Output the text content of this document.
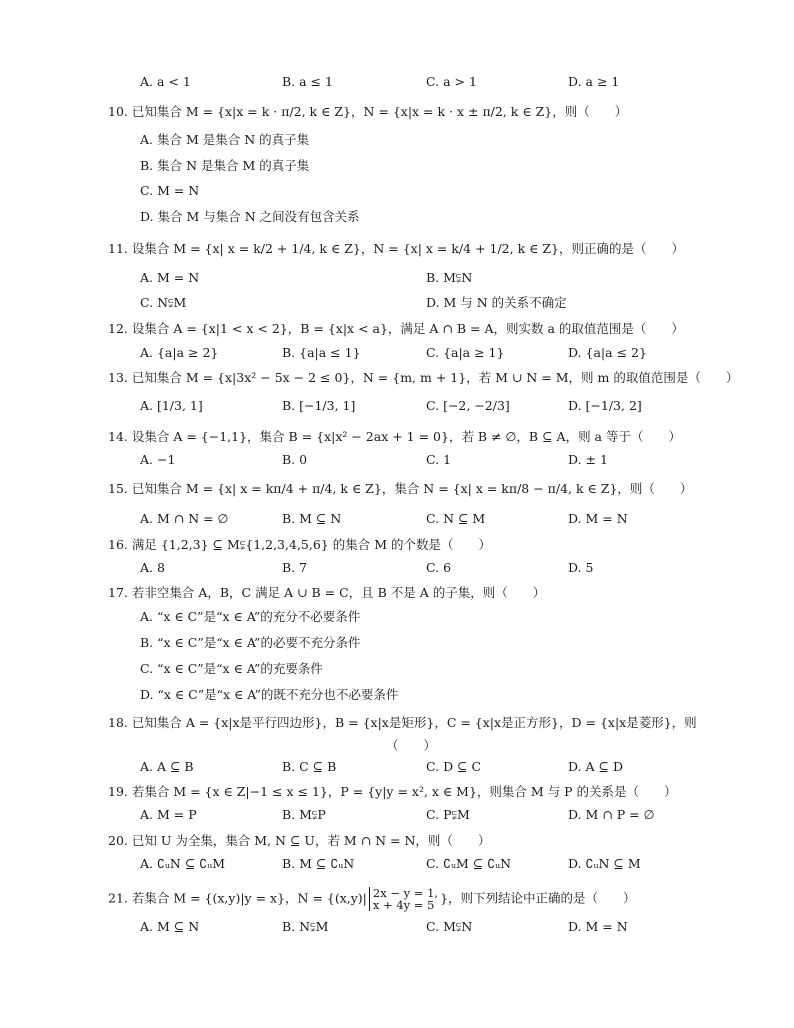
A. a < 1	B. a ≤ 1	C. a > 1	D. a ≥ 1
10. 已知集合 M = {x|x = k · π/2, k ∈ Z}，N = {x|x = k · x ± π/2, k ∈ Z}，则（　　）
A. 集合 M 是集合 N 的真子集
B. 集合 N 是集合 M 的真子集
C. M = N
D. 集合 M 与集合 N 之间没有包含关系
11. 设集合 M = {x| x = k/2 + 1/4, k ∈ Z}，N = {x| x = k/4 + 1/2, k ∈ Z}，则正确的是（　　）
A. M = N	B. M⫋N
C. N⫋M	D. M 与 N 的关系不确定
12. 设集合 A = {x|1 < x < 2}，B = {x|x < a}，满足 A ∩ B = A，则实数 a 的取值范围是（　　）
A. {a|a ≥ 2}	B. {a|a ≤ 1}	C. {a|a ≥ 1}	D. {a|a ≤ 2}
13. 已知集合 M = {x|3x² − 5x − 2 ≤ 0}，N = {m, m + 1}，若 M ∪ N = M，则 m 的取值范围是（　　）
A. [1/3, 1]	B. [−1/3, 1]	C. [−2, −2/3]	D. [−1/3, 2]
14. 设集合 A = {−1,1}，集合 B = {x|x² − 2ax + 1 = 0}，若 B ≠ ∅，B ⊆ A，则 a 等于（　　）
A. −1	B. 0	C. 1	D. ± 1
15. 已知集合 M = {x| x = kπ/4 + π/4, k ∈ Z}，集合 N = {x| x = kπ/8 − π/4, k ∈ Z}，则（　　）
A. M ∩ N = ∅	B. M ⊆ N	C. N ⊆ M	D. M = N
16. 满足 {1,2,3} ⊆ M⫋{1,2,3,4,5,6} 的集合 M 的个数是（　　）
A. 8	B. 7	C. 6	D. 5
17. 若非空集合 A，B，C 满足 A ∪ B = C，且 B 不是 A 的子集，则（　　）
A. “x ∈ C”是“x ∈ A”的充分不必要条件
B. “x ∈ C”是“x ∈ A”的必要不充分条件
C. “x ∈ C”是“x ∈ A”的充要条件
D. “x ∈ C”是“x ∈ A”的既不充分也不必要条件
18. 已知集合 A = {x|x是平行四边形}，B = {x|x是矩形}，C = {x|x是正方形}，D = {x|x是菱形}，则
（　　）
A. A ⊆ B	B. C ⊆ B	C. D ⊆ C	D. A ⊆ D
19. 若集合 M = {x ∈ Z|−1 ≤ x ≤ 1}，P = {y|y = x², x ∈ M}，则集合 M 与 P 的关系是（　　）
A. M = P	B. M⫋P	C. P⫋M	D. M ∩ P = ∅
20. 已知 U 为全集，集合 M, N ⊆ U，若 M ∩ N = N，则（　　）
A. ∁ᵤN ⊆ ∁ᵤM	B. M ⊆ ∁ᵤN	C. ∁ᵤM ⊆ ∁ᵤN	D. ∁ᵤN ⊆ M
21. 若集合 M = {(x,y)|y = x}，N = {(x,y)| 2x − y = 1,
x + 4y = 5 }，则下列结论中正确的是（　　）
A. M ⊆ N	B. N⫋M	C. M⫋N	D. M = N
